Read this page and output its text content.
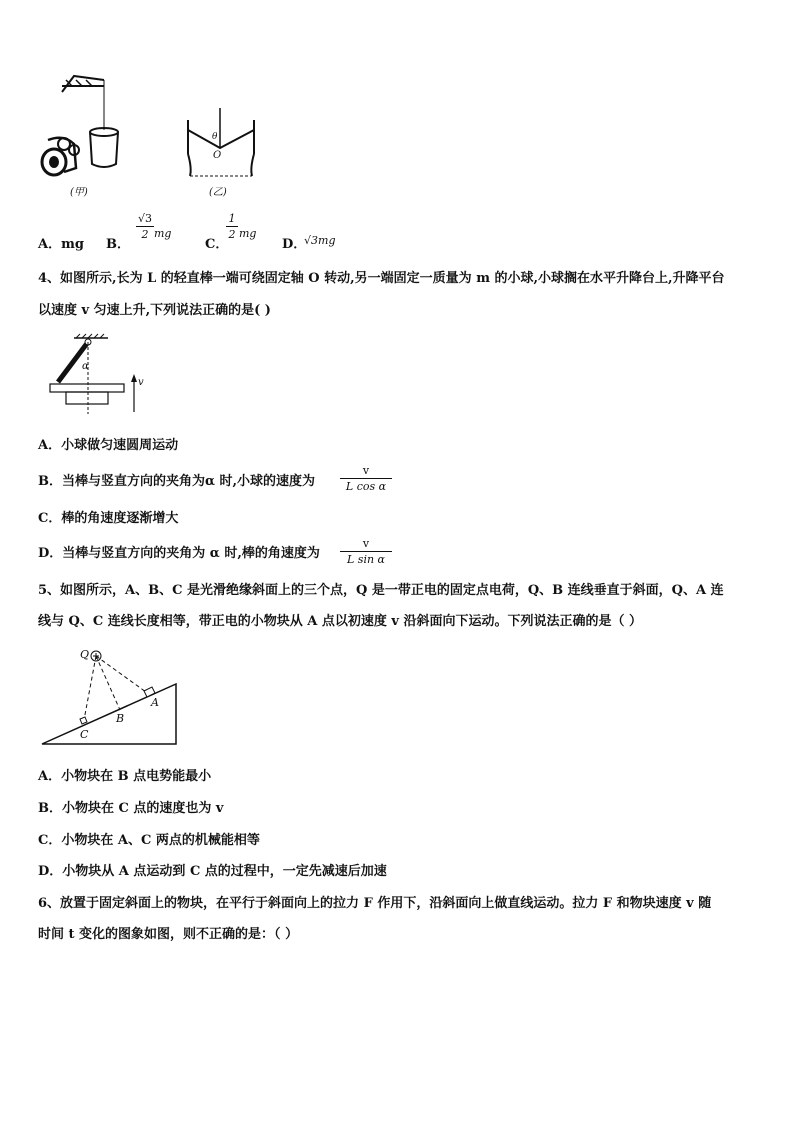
(甲)
θ
O
(乙)
A．mg B．
√3
2 mg
C．
1
2 mg
D．
√3mg
4、如图所示,长为 L 的轻直棒一端可绕固定轴 O 转动,另一端固定一质量为 m 的小球,小球搁在水平升降台上,升降平台
以速度 v 匀速上升,下列说法正确的是( )
α
v
A．小球做匀速圆周运动
B．当棒与竖直方向的夹角为α 时,小球的速度为
v
L cos α
C．棒的角速度逐渐增大
D．当棒与竖直方向的夹角为 α 时,棒的角速度为
v
L sin α
5、如图所示，A、B、C 是光滑绝缘斜面上的三个点，Q 是一带正电的固定点电荷，Q、B 连线垂直于斜面，Q、A 连
线与 Q、C 连线长度相等，带正电的小物块从 A 点以初速度 v 沿斜面向下运动。下列说法正确的是（ ）
Q
A
B
C
A．小物块在 B 点电势能最小
B．小物块在 C 点的速度也为 v
C．小物块在 A、C 两点的机械能相等
D．小物块从 A 点运动到 C 点的过程中，一定先减速后加速
6、放置于固定斜面上的物块，在平行于斜面向上的拉力 F 作用下，沿斜面向上做直线运动。拉力 F 和物块速度 v 随
时间 t 变化的图象如图，则不正确的是：（ ）
